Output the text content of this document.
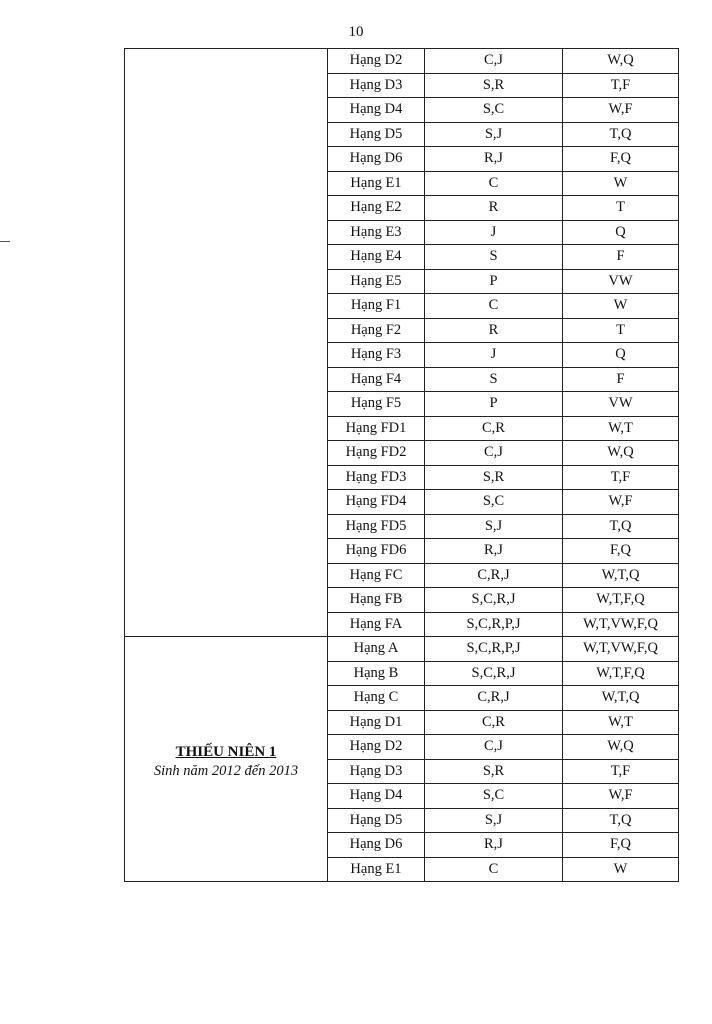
10
	Hạng D2	C,J	W,Q
	Hạng D3	S,R	T,F
	Hạng D4	S,C	W,F
	Hạng D5	S,J	T,Q
	Hạng D6	R,J	F,Q
	Hạng E1	C	W
	Hạng E2	R	T
	Hạng E3	J	Q
	Hạng E4	S	F
	Hạng E5	P	VW
	Hạng F1	C	W
	Hạng F2	R	T
	Hạng F3	J	Q
	Hạng F4	S	F
	Hạng F5	P	VW
	Hạng FD1	C,R	W,T
	Hạng FD2	C,J	W,Q
	Hạng FD3	S,R	T,F
	Hạng FD4	S,C	W,F
	Hạng FD5	S,J	T,Q
	Hạng FD6	R,J	F,Q
	Hạng FC	C,R,J	W,T,Q
	Hạng FB	S,C,R,J	W,T,F,Q
	Hạng FA	S,C,R,P,J	W,T,VW,F,Q

THIẾU NIÊN 1
Sinh năm 2012 đến 2013	Hạng A	S,C,R,P,J	W,T,VW,F,Q
	Hạng B	S,C,R,J	W,T,F,Q
	Hạng C	C,R,J	W,T,Q
	Hạng D1	C,R	W,T
	Hạng D2	C,J	W,Q
	Hạng D3	S,R	T,F
	Hạng D4	S,C	W,F
	Hạng D5	S,J	T,Q
	Hạng D6	R,J	F,Q
	Hạng E1	C	W
